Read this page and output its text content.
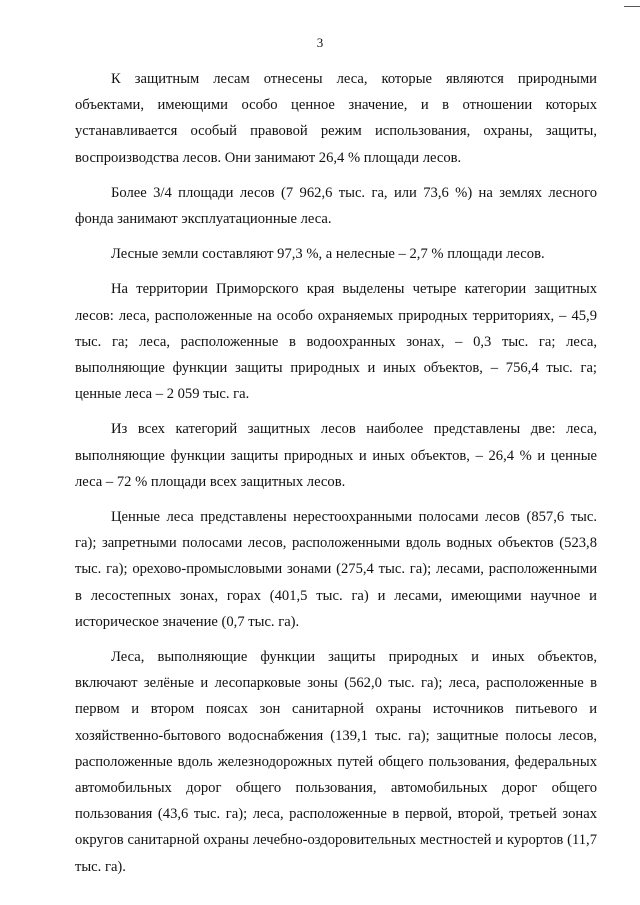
3

К защитным лесам отнесены леса, которые являются природными объектами, имеющими особо ценное значение, и в отношении которых устанавливается особый правовой режим использования, охраны, защиты, воспроизводства лесов. Они занимают 26,4 % площади лесов.

Более 3/4 площади лесов (7 962,6 тыс. га, или 73,6 %) на землях лесного фонда занимают эксплуатационные леса.

Лесные земли составляют 97,3 %, а нелесные – 2,7 % площади лесов.

На территории Приморского края выделены четыре категории защитных лесов: леса, расположенные на особо охраняемых природных территориях, – 45,9 тыс. га; леса, расположенные в водоохранных зонах, – 0,3 тыс. га; леса, выполняющие функции защиты природных и иных объектов, – 756,4 тыс. га; ценные леса – 2 059 тыс. га.

Из всех категорий защитных лесов наиболее представлены две: леса, выполняющие функции защиты природных и иных объектов, – 26,4 % и ценные леса – 72 % площади всех защитных лесов.

Ценные леса представлены нерестоохранными полосами лесов (857,6 тыс. га); запретными полосами лесов, расположенными вдоль водных объектов (523,8 тыс. га); орехово-промысловыми зонами (275,4 тыс. га); лесами, расположенными в лесостепных зонах, горах (401,5 тыс. га) и лесами, имеющими научное и историческое значение (0,7 тыс. га).

Леса, выполняющие функции защиты природных и иных объектов, включают зелёные и лесопарковые зоны (562,0 тыс. га); леса, расположенные в первом и втором поясах зон санитарной охраны источников питьевого и хозяйственно-бытового водоснабжения (139,1 тыс. га); защитные полосы лесов, расположенные вдоль железнодорожных путей общего пользования, федеральных автомобильных дорог общего пользования, автомобильных дорог общего пользования (43,6 тыс. га); леса, расположенные в первой, второй, третьей зонах округов санитарной охраны лечебно-оздоровительных местностей и курортов (11,7 тыс. га).
